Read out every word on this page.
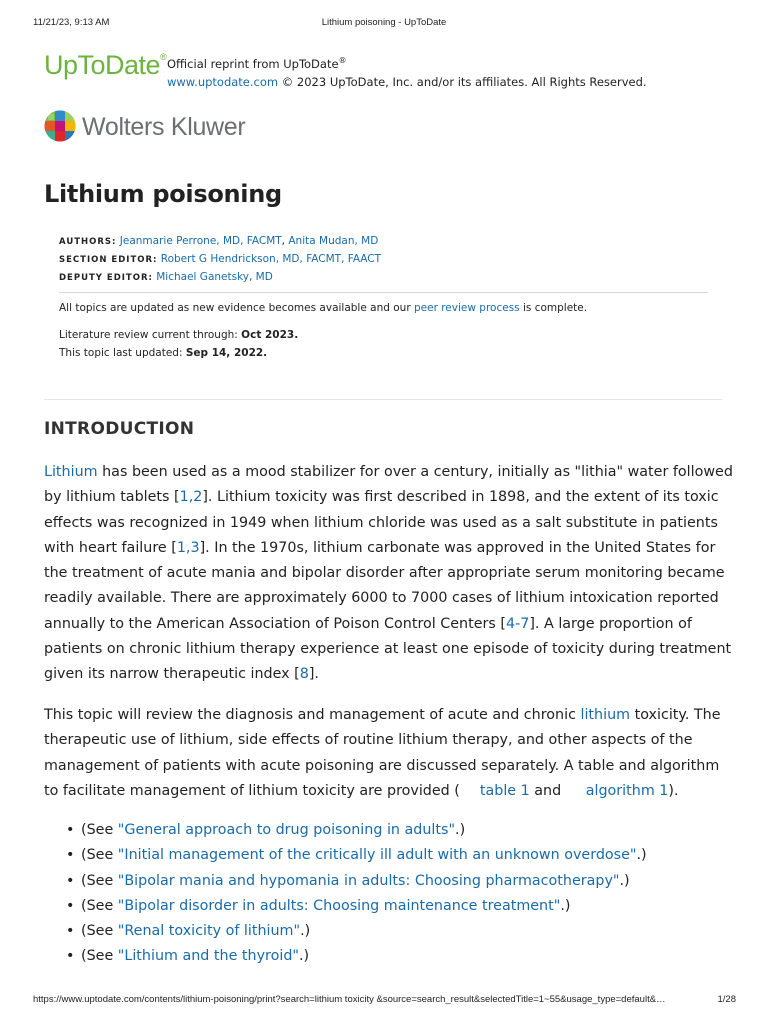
11/21/23, 9:13 AM	Lithium poisoning - UpToDate
UpToDate® Official reprint from UpToDate®
www.uptodate.com © 2023 UpToDate, Inc. and/or its affiliates. All Rights Reserved.
Wolters Kluwer
Lithium poisoning
AUTHORS: Jeanmarie Perrone, MD, FACMT, Anita Mudan, MD
SECTION EDITOR: Robert G Hendrickson, MD, FACMT, FAACT
DEPUTY EDITOR: Michael Ganetsky, MD
All topics are updated as new evidence becomes available and our peer review process is complete.
Literature review current through: Oct 2023.
This topic last updated: Sep 14, 2022.
INTRODUCTION

Lithium has been used as a mood stabilizer for over a century, initially as "lithia" water followed by lithium tablets [1,2]. Lithium toxicity was first described in 1898, and the extent of its toxic effects was recognized in 1949 when lithium chloride was used as a salt substitute in patients with heart failure [1,3]. In the 1970s, lithium carbonate was approved in the United States for the treatment of acute mania and bipolar disorder after appropriate serum monitoring became readily available. There are approximately 6000 to 7000 cases of lithium intoxication reported annually to the American Association of Poison Control Centers [4-7]. A large proportion of patients on chronic lithium therapy experience at least one episode of toxicity during treatment given its narrow therapeutic index [8].

This topic will review the diagnosis and management of acute and chronic lithium toxicity. The therapeutic use of lithium, side effects of routine lithium therapy, and other aspects of the management of patients with acute poisoning are discussed separately. A table and algorithm to facilitate management of lithium toxicity are provided ( table 1 and algorithm 1).

• (See "General approach to drug poisoning in adults".)
• (See "Initial management of the critically ill adult with an unknown overdose".)
• (See "Bipolar mania and hypomania in adults: Choosing pharmacotherapy".)
• (See "Bipolar disorder in adults: Choosing maintenance treatment".)
• (See "Renal toxicity of lithium".)
• (See "Lithium and the thyroid".)
https://www.uptodate.com/contents/lithium-poisoning/print?search=lithium toxicity &source=search_result&selectedTitle=1~55&usage_type=default&…	1/28
